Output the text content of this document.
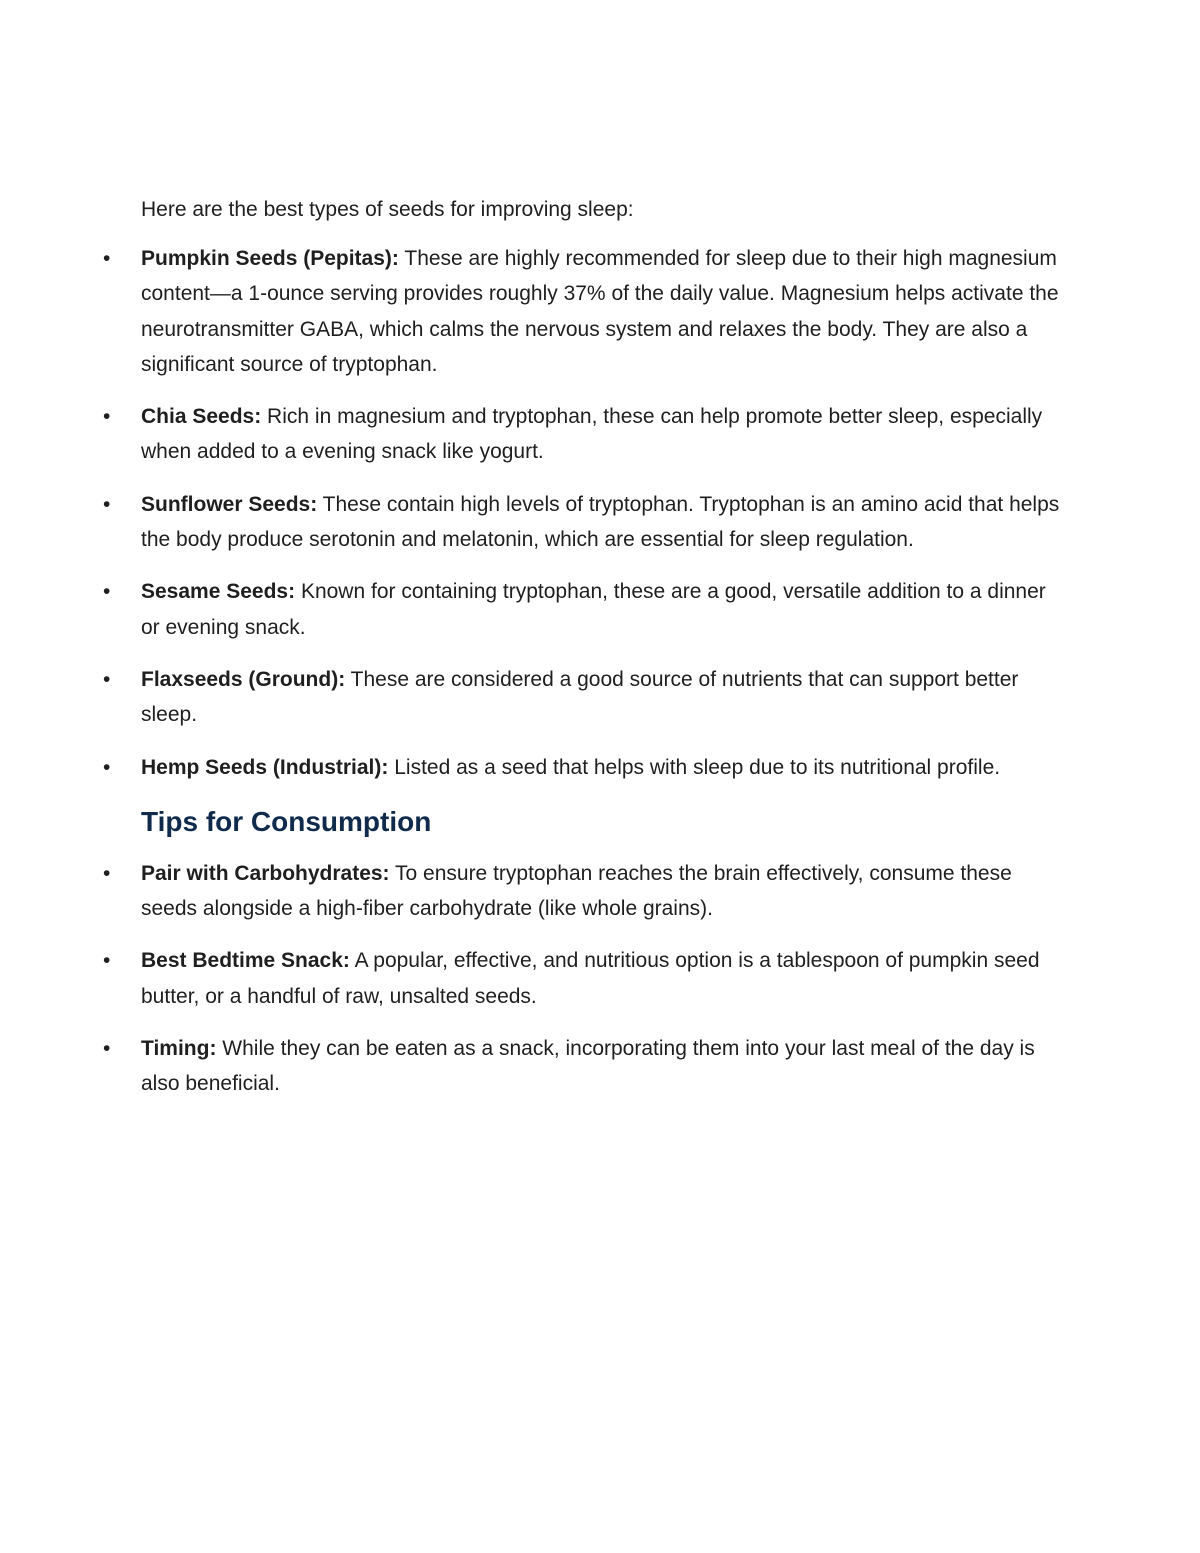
Here are the best types of seeds for improving sleep:

• Pumpkin Seeds (Pepitas): These are highly recommended for sleep due to their high magnesium content—a 1-ounce serving provides roughly 37% of the daily value. Magnesium helps activate the neurotransmitter GABA, which calms the nervous system and relaxes the body. They are also a significant source of tryptophan.
• Chia Seeds: Rich in magnesium and tryptophan, these can help promote better sleep, especially when added to a evening snack like yogurt.
• Sunflower Seeds: These contain high levels of tryptophan. Tryptophan is an amino acid that helps the body produce serotonin and melatonin, which are essential for sleep regulation.
• Sesame Seeds: Known for containing tryptophan, these are a good, versatile addition to a dinner or evening snack.
• Flaxseeds (Ground): These are considered a good source of nutrients that can support better sleep.
• Hemp Seeds (Industrial): Listed as a seed that helps with sleep due to its nutritional profile.
Tips for Consumption
• Pair with Carbohydrates: To ensure tryptophan reaches the brain effectively, consume these seeds alongside a high-fiber carbohydrate (like whole grains).
• Best Bedtime Snack: A popular, effective, and nutritious option is a tablespoon of pumpkin seed butter, or a handful of raw, unsalted seeds.
• Timing: While they can be eaten as a snack, incorporating them into your last meal of the day is also beneficial.
